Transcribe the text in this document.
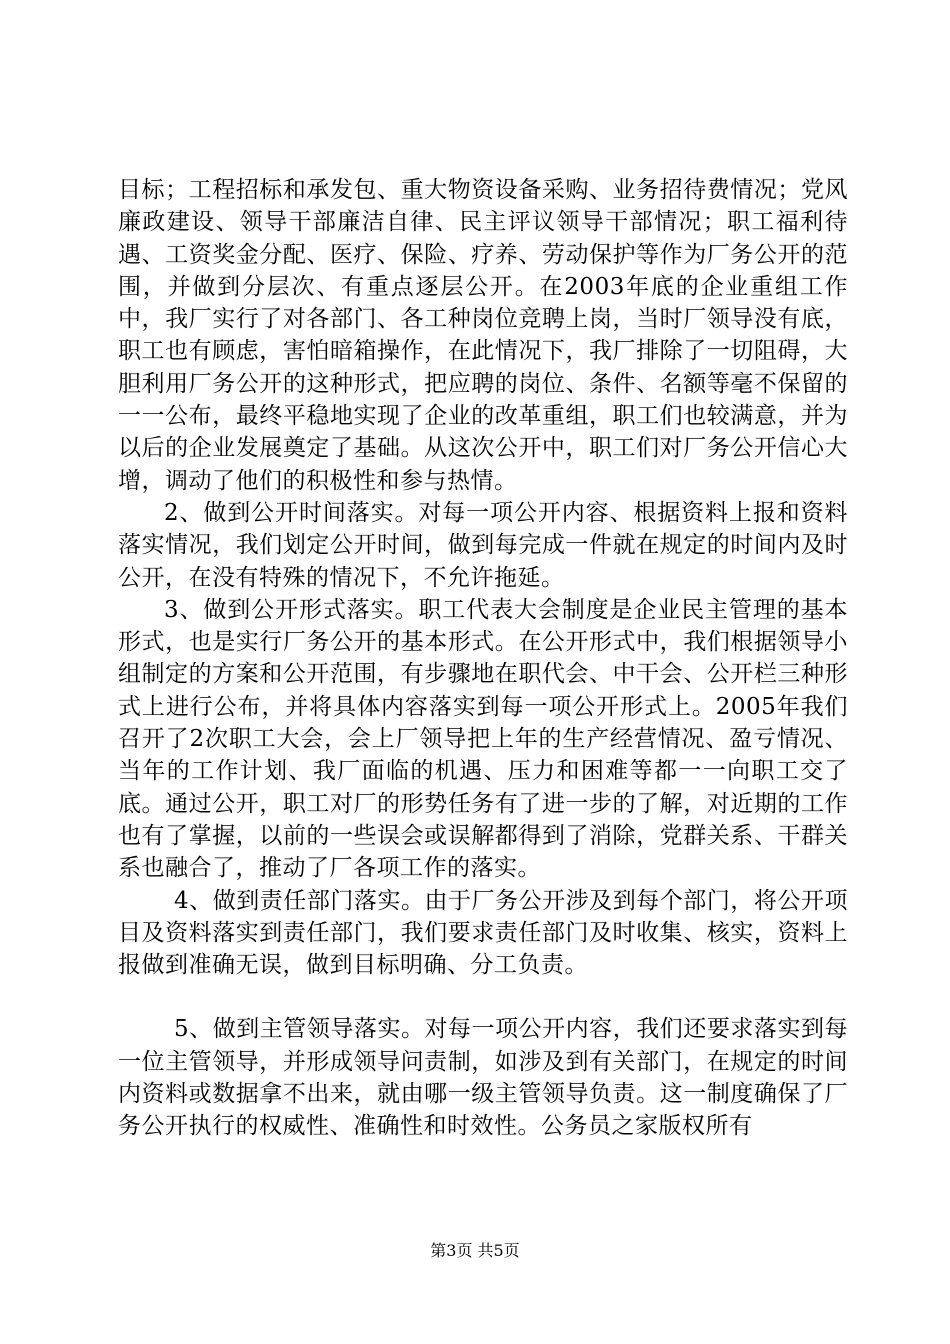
目标；工程招标和承发包、重大物资设备采购、业务招待费情况；党风廉政建设、领导干部廉洁自律、民主评议领导干部情况；职工福利待遇、工资奖金分配、医疗、保险、疗养、劳动保护等作为厂务公开的范围，并做到分层次、有重点逐层公开。在2003年底的企业重组工作中，我厂实行了对各部门、各工种岗位竞聘上岗，当时厂领导没有底，职工也有顾虑，害怕暗箱操作，在此情况下，我厂排除了一切阻碍，大胆利用厂务公开的这种形式，把应聘的岗位、条件、名额等毫不保留的一一公布，最终平稳地实现了企业的改革重组，职工们也较满意，并为以后的企业发展奠定了基础。从这次公开中，职工们对厂务公开信心大增，调动了他们的积极性和参与热情。

2、做到公开时间落实。对每一项公开内容、根据资料上报和资料落实情况，我们划定公开时间，做到每完成一件就在规定的时间内及时公开，在没有特殊的情况下，不允许拖延。

3、做到公开形式落实。职工代表大会制度是企业民主管理的基本形式，也是实行厂务公开的基本形式。在公开形式中，我们根据领导小组制定的方案和公开范围，有步骤地在职代会、中干会、公开栏三种形式上进行公布，并将具体内容落实到每一项公开形式上。2005年我们召开了2次职工大会，会上厂领导把上年的生产经营情况、盈亏情况、当年的工作计划、我厂面临的机遇、压力和困难等都一一向职工交了底。通过公开，职工对厂的形势任务有了进一步的了解，对近期的工作也有了掌握，以前的一些误会或误解都得到了消除，党群关系、干群关系也融合了，推动了厂各项工作的落实。

4、做到责任部门落实。由于厂务公开涉及到每个部门，将公开项目及资料落实到责任部门，我们要求责任部门及时收集、核实，资料上报做到准确无误，做到目标明确、分工负责。

5、做到主管领导落实。对每一项公开内容，我们还要求落实到每一位主管领导，并形成领导问责制，如涉及到有关部门，在规定的时间内资料或数据拿不出来，就由哪一级主管领导负责。这一制度确保了厂务公开执行的权威性、准确性和时效性。公务员之家版权所有

第3页 共5页
